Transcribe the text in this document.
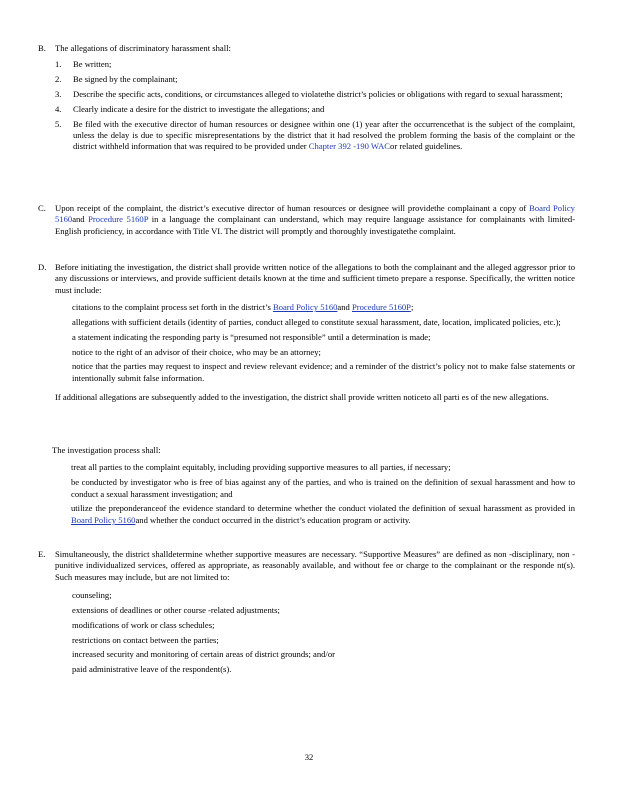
B. The allegations of discriminatory harassment shall:
1. Be written;
2. Be signed by the complainant;
3. Describe the specific acts, conditions, or circumstances alleged to violatethe district’s policies or obligations with regard to sexual harassment;
4. Clearly indicate a desire for the district to investigate the allegations; and
5. Be filed with the executive director of human resources or designee within one (1) year after the occurrencethat is the subject of the complaint, unless the delay is due to specific misrepresentations by the district that it had resolved the problem forming the basis of the complaint or the district withheld information that was required to be provided under Chapter 392 -190 WACor related guidelines.
C. Upon receipt of the complaint, the district’s executive director of human resources or designee will providethe complainant a copy of Board Policy 5160and Procedure 5160P in a language the complainant can understand, which may require language assistance for complainants with limited-English proficiency, in accordance with Title VI. The district will promptly and thoroughly investigatethe complaint.
D. Before initiating the investigation, the district shall provide written notice of the allegations to both the complainant and the alleged aggressor prior to any discussions or interviews, and provide sufficient details known at the time and sufficient timeto prepare a response. Specifically, the written notice must include:
citations to the complaint process set forth in the district’s Board Policy 5160and Procedure 5160P;
allegations with sufficient details (identity of parties, conduct alleged to constitute sexual harassment, date, location, implicated policies, etc.);
a statement indicating the responding party is “presumed not responsible” until a determination is made;
notice to the right of an advisor of their choice, who may be an attorney;
notice that the parties may request to inspect and review relevant evidence; and a reminder of the district’s policy not to make false statements or intentionally submit false information.
If additional allegations are subsequently added to the investigation, the district shall provide written noticeto all parti es of the new allegations.
The investigation process shall:
treat all parties to the complaint equitably, including providing supportive measures to all parties, if necessary;
be conducted by investigator who is free of bias against any of the parties, and who is trained on the definition of sexual harassment and how to conduct a sexual harassment investigation; and
utilize the preponderanceof the evidence standard to determine whether the conduct violated the definition of sexual harassment as provided in Board Policy 5160and whether the conduct occurred in the district’s education program or activity.
E. Simultaneously, the district shalldetermine whether supportive measures are necessary. “Supportive Measures” are defined as non -disciplinary, non -punitive individualized services, offered as appropriate, as reasonably available, and without fee or charge to the complainant or the responde nt(s). Such measures may include, but are not limited to:
counseling;
extensions of deadlines or other course -related adjustments;
modifications of work or class schedules;
restrictions on contact between the parties;
increased security and monitoring of certain areas of district grounds; and/or
paid administrative leave of the respondent(s).
32
